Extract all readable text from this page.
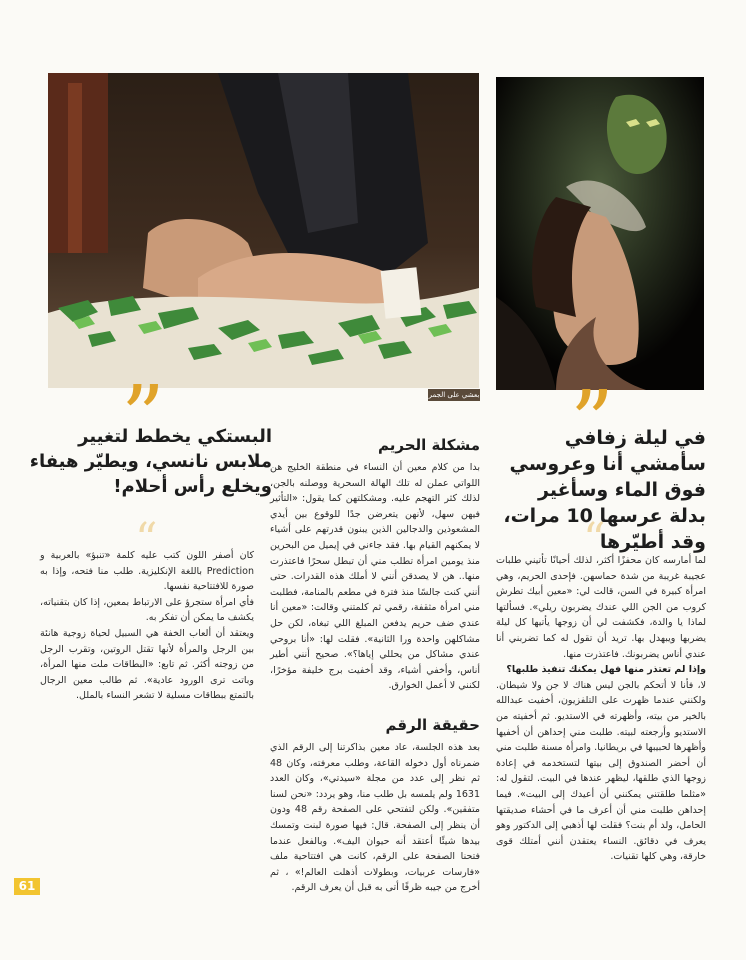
بعشي على الجمر
في ليلة زفافي سأمشي أنا وعروسي فوق الماء وسأغير بدلة عرسها 10 مرات، وقد أطيّرها
البستكي يخطط لتغيير ملابس نانسي، ويطيّر هيفاء ويخلع رأس أحلام!

لما أمارسه كان محفزًا أكثر، لذلك أحيانًا تأتيني طلبات عجيبة غريبة من شدة حماسهن. فإحدى الحريم، وهي امرأة كبيرة في السن، قالت لي: «معين أبيك تطرش كروب من الجن اللي عندك يضربون ريلي». فسألتها لماذا يا والدة، فكشفت لي أن زوجها يأتيها كل ليلة يضربها ويبهدل بها. تريد أن تقول له كما تضربني أنا عندي أناس يضربونك. فاعتذرت منها.

وإذا لم تعتذر منها فهل يمكنك تنفيذ طلبها؟

لا، فأنا لا أتحكم بالجن ليس هناك لا جن ولا شيطان. ولكنني عندما ظهرت على التلفزيون، أخفيت عبدالله بالخير من بيته، وأظهرته في الاستديو. ثم أخفيته من الاستديو وأرجعته لبيته. طلبت مني إحداهن أن أخفيها وأظهرها لحبيبها في بريطانيا. وامرأة مسنة طلبت مني أن أحضر الصندوق إلى بيتها لتستخدمه في إعادة زوجها الذي طلقها، ليظهر عندها في البيت. لتقول له: «مثلما طلقتني يمكنني أن أعيدك إلى البيت». فيما إحداهن طلبت مني أن أعرف ما في أحشاء صديقتها الحامل، ولد أم بنت؟ فقلت لها أذهبي إلى الدكتور وهو يعرف في دقائق. النساء يعتقدن أنني أمتلك قوى خارقة، وهي كلها تقنيات.

مشكلة الحريم
بدا من كلام معين أن النساء في منطقة الخليج هن اللواتي عملن له تلك الهالة السحرية ووصلنه بالجن، لذلك كثر التهجم عليه. ومشكلتهن كما يقول: «التأثير فيهن سهل، لأنهن يتعرضن جدًا للوقوع بين أيدي المشعوذين والدجالين الذين يبنون قدرتهم على أشياء لا يمكنهم القيام بها. فقد جاءني في إيميل من البحرين منذ يومين امرأة تطلب مني أن تبطل سحرًا فاعتذرت منها.. هن لا يصدقن أنني لا أملك هذه القدرات. حتى أنني كنت جالسًا منذ فترة في مطعم بالمنامة، فطلبت مني امرأة مثقفة، رقمي ثم كلمتني وقالت: «معين أنا عندي ضف حريم يدفعن المبلغ اللي تبغاه، لكن حل مشاكلهن واحدة ورا الثانية». فقلت لها: «أنا بروحي عندي مشاكل من يحللي إياها؟». صحيح أنني أطير أناس، وأخفي أشياء، وقد أخفيت برج خليفة مؤخرًا، لكنني لا أعمل الخوارق.
حقيقة الرقم
بعد هذه الجلسة، عاد معين بذاكرتنا إلى الرقم الذي ضمرناه أول دخوله القاعة، وطلب معرفته، وكان 48 ثم نظر إلى عدد من مجلة «سيدتي»، وكان العدد 1631 ولم يلمسه بل طلب منا، وهو يردد: «نحن لسنا متفقين». ولكن لتفتحي على الصفحة رقم 48 ودون أن ينظر إلى الصفحة. قال: فيها صورة لبنت وتمسك بيدها شيئًا أعتقد أنه حيوان اليف». وبالفعل عندما فتحنا الصفحة على الرقم، كانت هي افتتاحية ملف «فارسات عربيات، وبطولات أذهلت العالم!» ، ثم أخرج من جيبه ظرفًا أتى به قبل أن يعرف الرقم.

كان أصفر اللون كتب عليه كلمة «تنبؤ» بالعربية و Prediction باللغة الإنكليزية. طلب منا فتحه، وإذا به صورة للافتتاحية نفسها.

فأي امرأة ستجرؤ على الارتباط بمعين، إذا كان بتقنياته، يكشف ما يمكن أن تفكر به.

ويعتقد أن ألعاب الخفة هي السبيل لحياة زوجية هانئة بين الرجل والمرأة لأنها تقتل الروتين، وتقرب الرجل من زوجته أكثر. ثم تابع: «البطاقات ملت منها المرأة، وباتت ترى الورود عادية». ثم طالب معين الرجال بالتمتع ببطاقات مسلية لا تشعر النساء بالملل.

61
